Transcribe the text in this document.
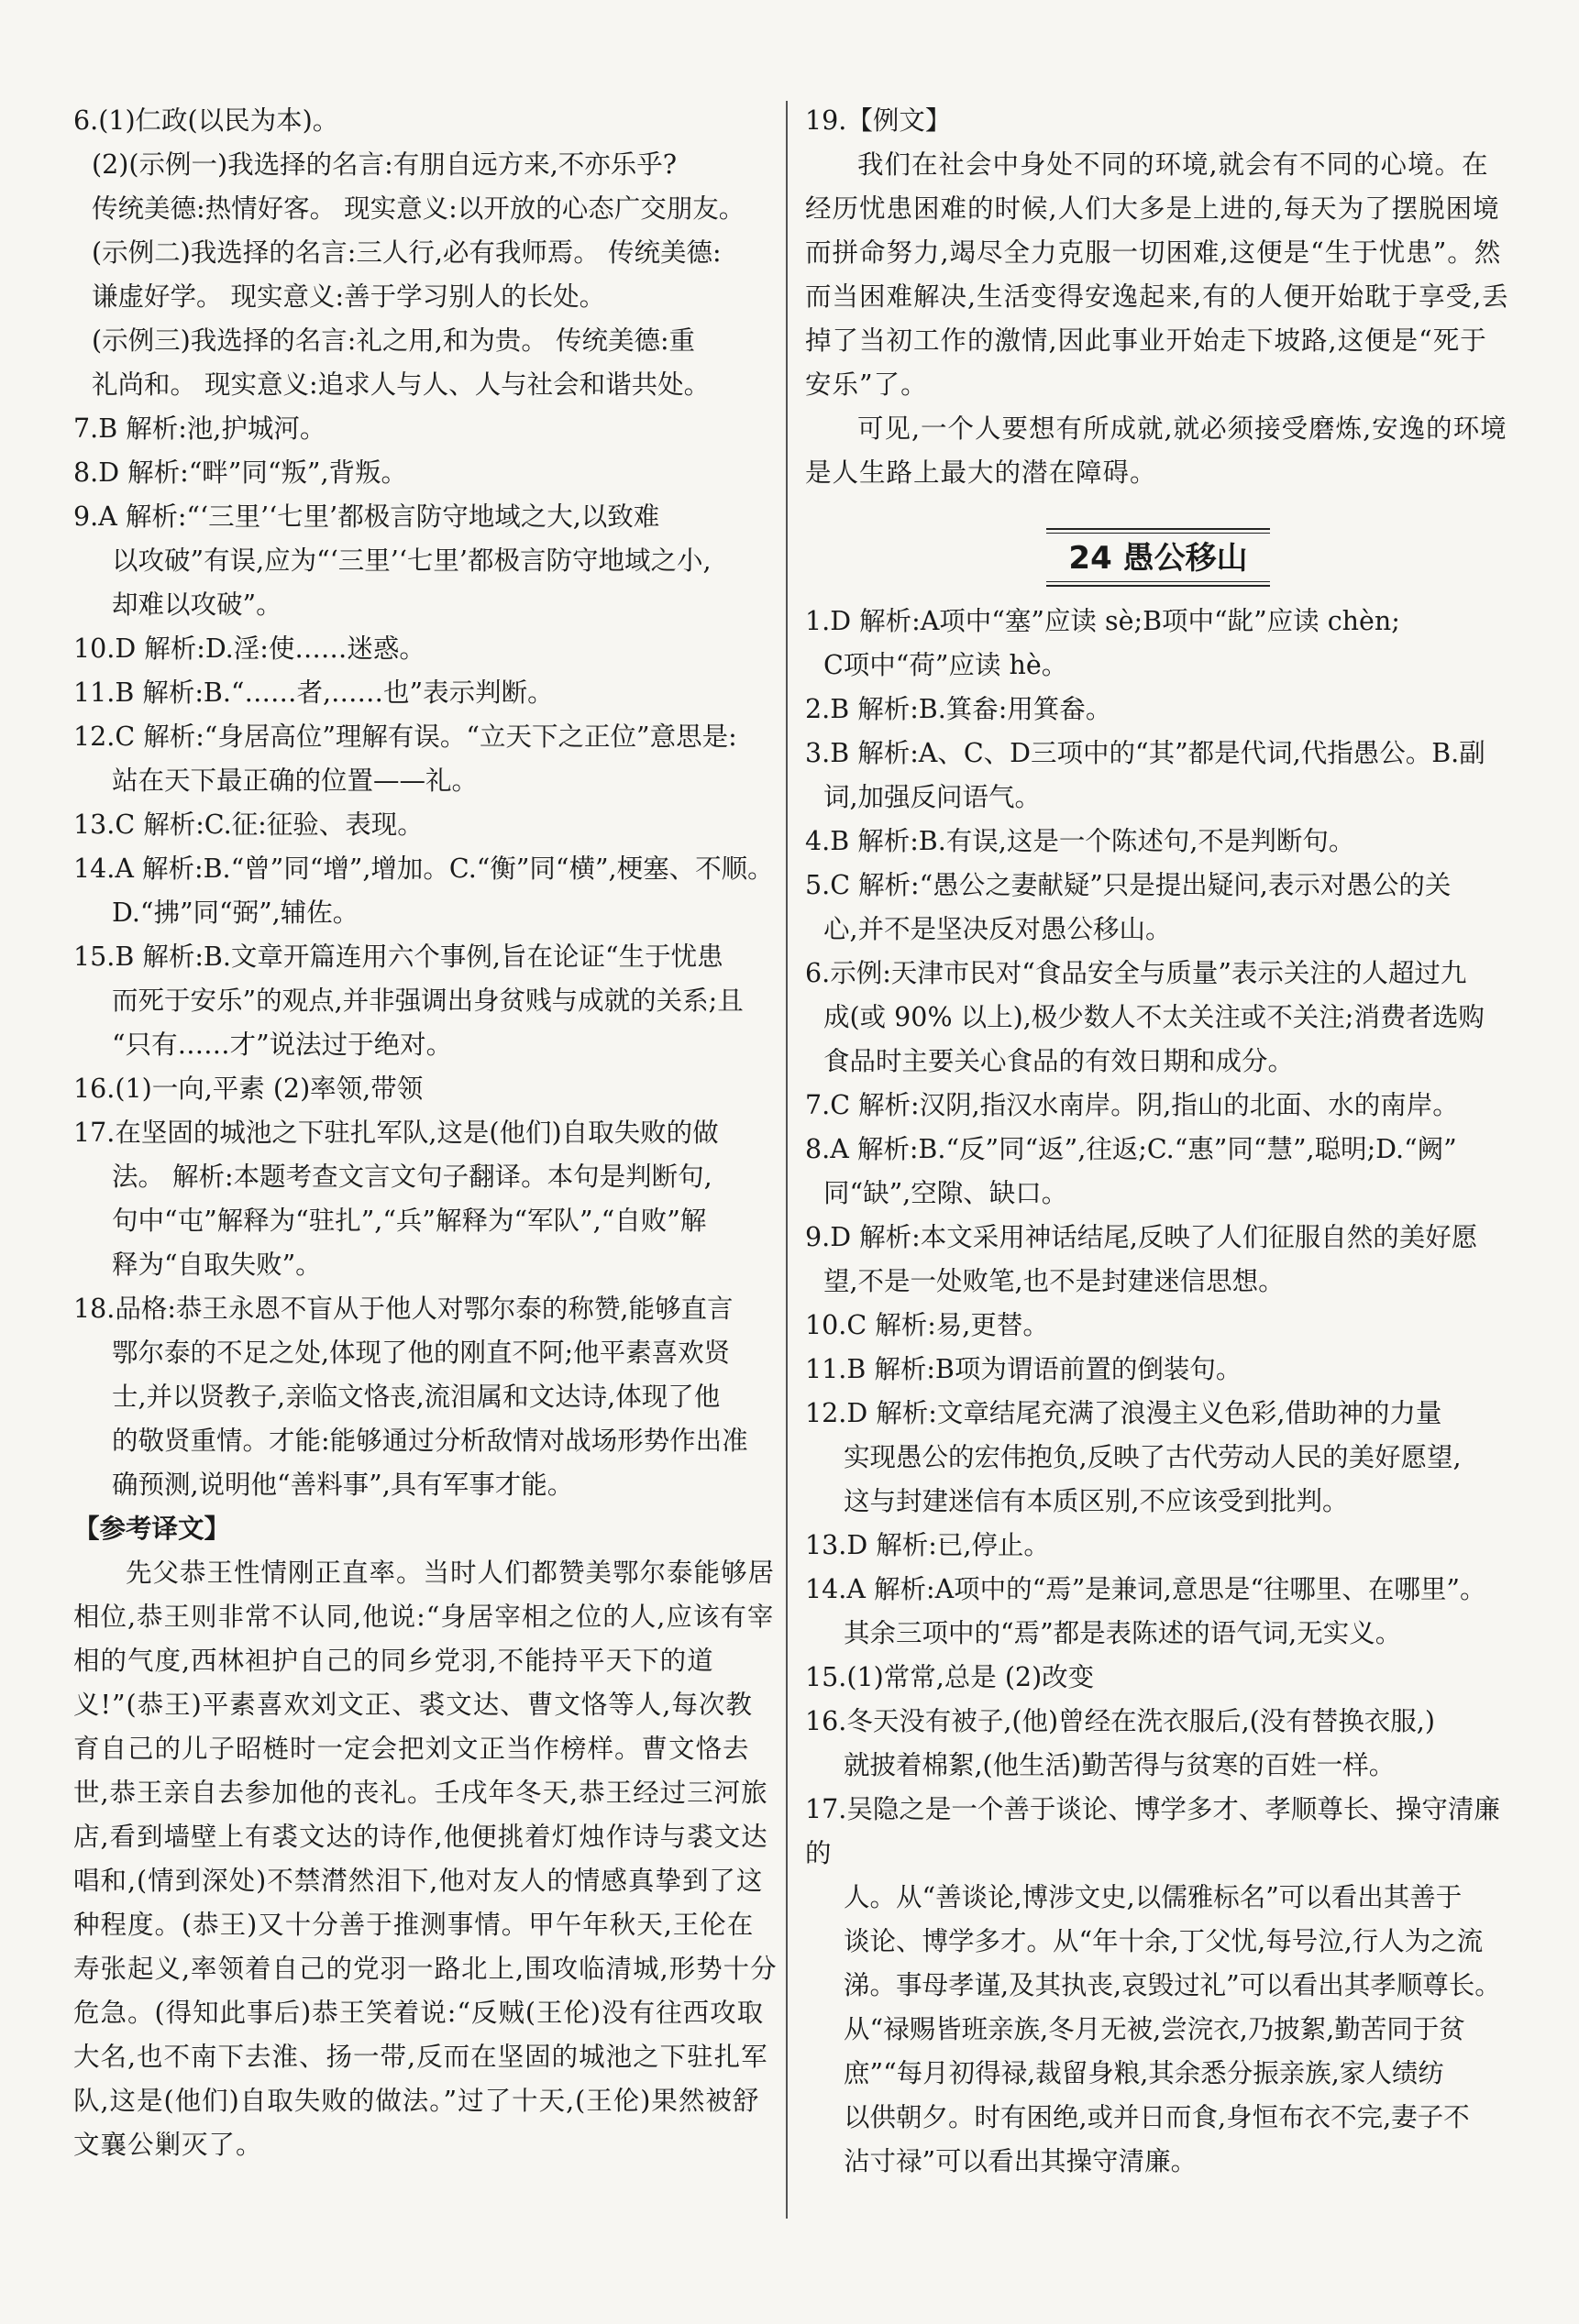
6.(1)仁政(以民为本)。
(2)(示例一)我选择的名言:有朋自远方来,不亦乐乎?
传统美德:热情好客。 现实意义:以开放的心态广交朋友。
(示例二)我选择的名言:三人行,必有我师焉。 传统美德:
谦虚好学。 现实意义:善于学习别人的长处。
(示例三)我选择的名言:礼之用,和为贵。 传统美德:重
礼尚和。 现实意义:追求人与人、人与社会和谐共处。
7.B 解析:池,护城河。
8.D 解析:“畔”同“叛”,背叛。
9.A 解析:“‘三里’‘七里’都极言防守地域之大,以致难
以攻破”有误,应为“‘三里’‘七里’都极言防守地域之小,
却难以攻破”。
10.D 解析:D.淫:使……迷惑。
11.B 解析:B.“……者,……也”表示判断。
12.C 解析:“身居高位”理解有误。“立天下之正位”意思是:
站在天下最正确的位置——礼。
13.C 解析:C.征:征验、表现。
14.A 解析:B.“曾”同“增”,增加。C.“衡”同“横”,梗塞、不顺。
D.“拂”同“弼”,辅佐。
15.B 解析:B.文章开篇连用六个事例,旨在论证“生于忧患
而死于安乐”的观点,并非强调出身贫贱与成就的关系;且
“只有……才”说法过于绝对。
16.(1)一向,平素 (2)率领,带领
17.在坚固的城池之下驻扎军队,这是(他们)自取失败的做
法。 解析:本题考查文言文句子翻译。本句是判断句,
句中“屯”解释为“驻扎”,“兵”解释为“军队”,“自败”解
释为“自取失败”。
18.品格:恭王永恩不盲从于他人对鄂尔泰的称赞,能够直言
鄂尔泰的不足之处,体现了他的刚直不阿;他平素喜欢贤
士,并以贤教子,亲临文恪丧,流泪属和文达诗,体现了他
的敬贤重情。才能:能够通过分析敌情对战场形势作出准
确预测,说明他“善料事”,具有军事才能。
【参考译文】
先父恭王性情刚正直率。当时人们都赞美鄂尔泰能够居相位,恭王则非常不认同,他说:“身居宰相之位的人,应该有宰相的气度,西林袒护自己的同乡党羽,不能持平天下的道义!”(恭王)平素喜欢刘文正、裘文达、曹文恪等人,每次教育自己的儿子昭梿时一定会把刘文正当作榜样。曹文恪去世,恭王亲自去参加他的丧礼。壬戌年冬天,恭王经过三河旅店,看到墙壁上有裘文达的诗作,他便挑着灯烛作诗与裘文达唱和,(情到深处)不禁潸然泪下,他对友人的情感真挚到了这种程度。(恭王)又十分善于推测事情。甲午年秋天,王伦在寿张起义,率领着自己的党羽一路北上,围攻临清城,形势十分危急。(得知此事后)恭王笑着说:“反贼(王伦)没有往西攻取大名,也不南下去淮、扬一带,反而在坚固的城池之下驻扎军队,这是(他们)自取失败的做法。”过了十天,(王伦)果然被舒文襄公剿灭了。
19.【例文】
我们在社会中身处不同的环境,就会有不同的心境。在经历忧患困难的时候,人们大多是上进的,每天为了摆脱困境而拼命努力,竭尽全力克服一切困难,这便是“生于忧患”。然而当困难解决,生活变得安逸起来,有的人便开始耽于享受,丢掉了当初工作的激情,因此事业开始走下坡路,这便是“死于安乐”了。
可见,一个人要想有所成就,就必须接受磨炼,安逸的环境是人生路上最大的潜在障碍。
24 愚公移山
1.D 解析:A项中“塞”应读 sè;B项中“龀”应读 chèn;
C项中“荷”应读 hè。
2.B 解析:B.箕畚:用箕畚。
3.B 解析:A、C、D三项中的“其”都是代词,代指愚公。B.副
词,加强反问语气。
4.B 解析:B.有误,这是一个陈述句,不是判断句。
5.C 解析:“愚公之妻献疑”只是提出疑问,表示对愚公的关
心,并不是坚决反对愚公移山。
6.示例:天津市民对“食品安全与质量”表示关注的人超过九
成(或 90% 以上),极少数人不太关注或不关注;消费者选购
食品时主要关心食品的有效日期和成分。
7.C 解析:汉阴,指汉水南岸。阴,指山的北面、水的南岸。
8.A 解析:B.“反”同“返”,往返;C.“惠”同“慧”,聪明;D.“阙”
同“缺”,空隙、缺口。
9.D 解析:本文采用神话结尾,反映了人们征服自然的美好愿
望,不是一处败笔,也不是封建迷信思想。
10.C 解析:易,更替。
11.B 解析:B项为谓语前置的倒装句。
12.D 解析:文章结尾充满了浪漫主义色彩,借助神的力量
实现愚公的宏伟抱负,反映了古代劳动人民的美好愿望,
这与封建迷信有本质区别,不应该受到批判。
13.D 解析:已,停止。
14.A 解析:A项中的“焉”是兼词,意思是“往哪里、在哪里”。
其余三项中的“焉”都是表陈述的语气词,无实义。
15.(1)常常,总是 (2)改变
16.冬天没有被子,(他)曾经在洗衣服后,(没有替换衣服,)
就披着棉絮,(他生活)勤苦得与贫寒的百姓一样。
17.吴隐之是一个善于谈论、博学多才、孝顺尊长、操守清廉的
人。从“善谈论,博涉文史,以儒雅标名”可以看出其善于
谈论、博学多才。从“年十余,丁父忧,每号泣,行人为之流
涕。事母孝谨,及其执丧,哀毁过礼”可以看出其孝顺尊长。
从“禄赐皆班亲族,冬月无被,尝浣衣,乃披絮,勤苦同于贫
庶”“每月初得禄,裁留身粮,其余悉分振亲族,家人绩纺
以供朝夕。时有困绝,或并日而食,身恒布衣不完,妻子不
沾寸禄”可以看出其操守清廉。
